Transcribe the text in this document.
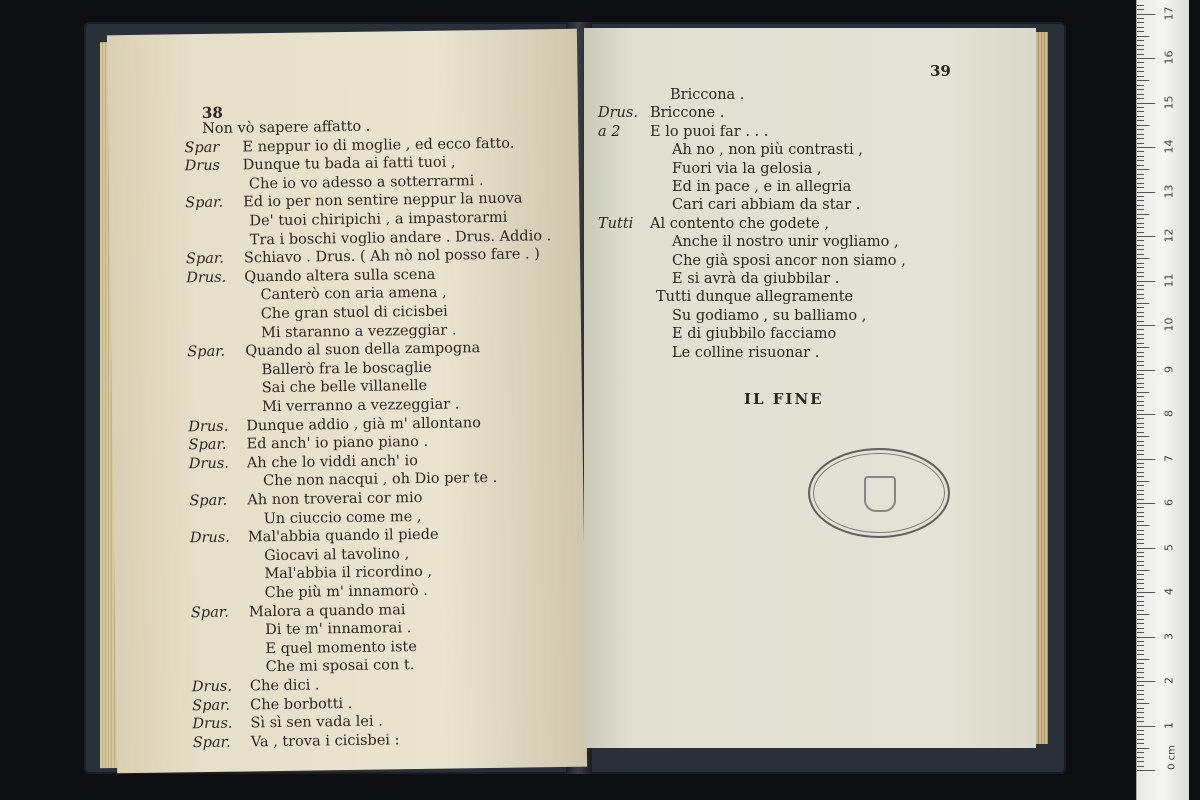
38
Non vò sapere affatto .
Spar E neppur io di moglie , ed ecco fatto.
Drus Dunque tu bada ai fatti tuoi ,
Che io vo adesso a sotterrarmi .
Spar. Ed io per non sentire neppur la nuova
De' tuoi chiripichi , a impastorarmi
Tra i boschi voglio andare . Drus. Addio .
Spar. Schiavo . Drus. ( Ah nò nol posso fare . )
Drus. Quando altera sulla scena
Canterò con aria amena ,
Che gran stuol di cicisbei
Mi staranno a vezzeggiar .
Spar. Quando al suon della zampogna
Ballerò fra le boscaglie
Sai che belle villanelle
Mi verranno a vezzeggiar .
Drus. Dunque addio , già m' allontano
Spar. Ed anch' io piano piano .
Drus. Ah che lo viddi anch' io
Che non nacqui , oh Dio per te .
Spar. Ah non troverai cor mio
Un ciuccio come me ,
Drus. Mal'abbia quando il piede
Giocavi al tavolino ,
Mal'abbia il ricordino ,
Che più m' innamorò .
Spar. Malora a quando mai
Di te m' innamorai .
E quel momento iste
Che mi sposai con t.
Drus. Che dici .
Spar. Che borbotti .
Drus. Sì sì sen vada lei .
Spar. Va , trova i cicisbei :
39
Briccona .
Drus. Briccone .
a 2 E lo puoi far . . .
Ah no , non più contrasti ,
Fuori via la gelosia ,
Ed in pace , e in allegria
Cari cari abbiam da star .
Tutti Al contento che godete ,
Anche il nostro unir vogliamo ,
Che già sposi ancor non siamo ,
E si avrà da giubbilar .
Tutti dunque allegramente
Su godiamo , su balliamo ,
E di giubbilo facciamo
Le colline risuonar .
IL FINE
1
2
3
4
5
6
7
8
9
10
11
12
13
14
15
16
17
0 cm
